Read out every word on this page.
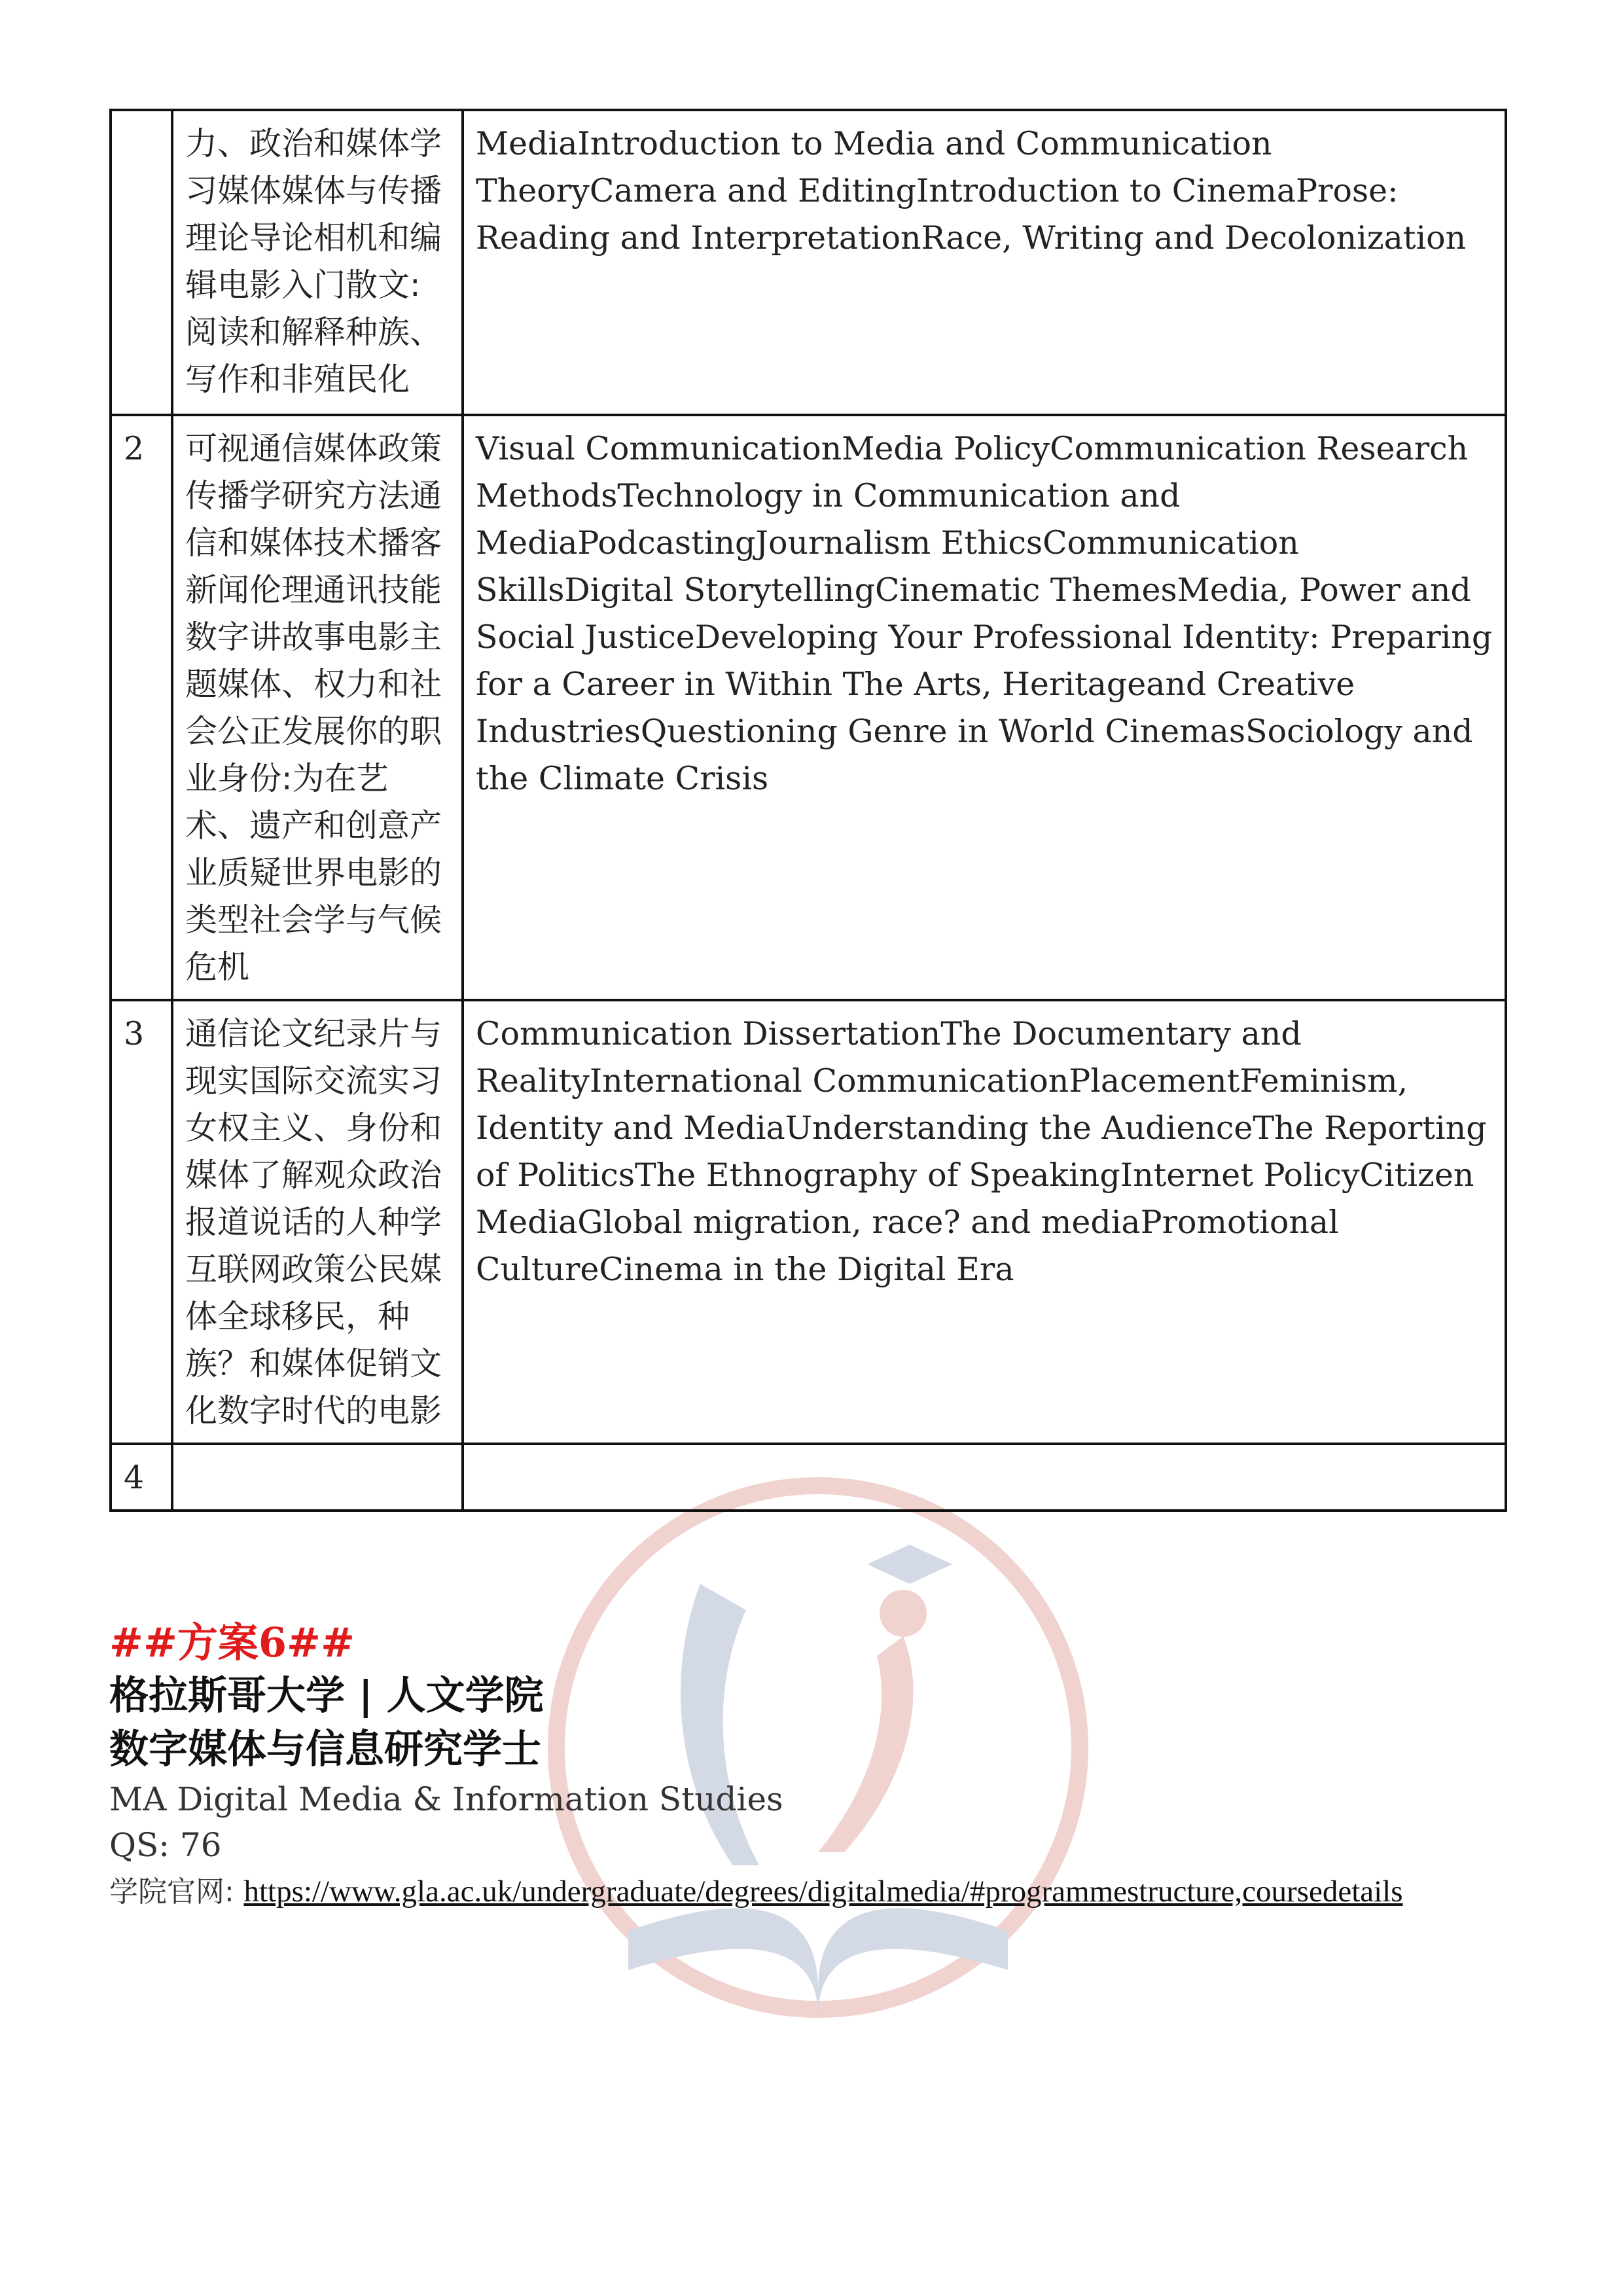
	力、政治和媒体学习媒体媒体与传播理论导论相机和编辑电影入门散文:阅读和解释种族、写作和非殖民化	MediaIntroduction to Media and Communication TheoryCamera and EditingIntroduction to CinemaProse: Reading and InterpretationRace, Writing and Decolonization
2	可视通信媒体政策传播学研究方法通信和媒体技术播客新闻伦理通讯技能数字讲故事电影主题媒体、权力和社会公正发展你的职业身份:为在艺术、遗产和创意产业质疑世界电影的类型社会学与气候危机	Visual CommunicationMedia PolicyCommunication Research MethodsTechnology in Communication and MediaPodcastingJournalism EthicsCommunication SkillsDigital StorytellingCinematic ThemesMedia, Power and Social JusticeDeveloping Your Professional Identity: Preparing for a Career in Within The Arts, Heritageand Creative IndustriesQuestioning Genre in World CinemasSociology and the Climate Crisis
3	通信论文纪录片与现实国际交流实习女权主义、身份和媒体了解观众政治报道说话的人种学互联网政策公民媒体全球移民，种族？和媒体促销文化数字时代的电影	Communication DissertationThe Documentary and RealityInternational CommunicationPlacementFeminism, Identity and MediaUnderstanding the AudienceThe Reporting of PoliticsThe Ethnography of SpeakingInternet PolicyCitizen MediaGlobal migration, race? and mediaPromotional CultureCinema in the Digital Era
4		
##方案6##
格拉斯哥大学 | 人文学院
数字媒体与信息研究学士
MA Digital Media & Information Studies
QS: 76
学院官网: https://www.gla.ac.uk/undergraduate/degrees/digitalmedia/#programmestructure,coursedetails
